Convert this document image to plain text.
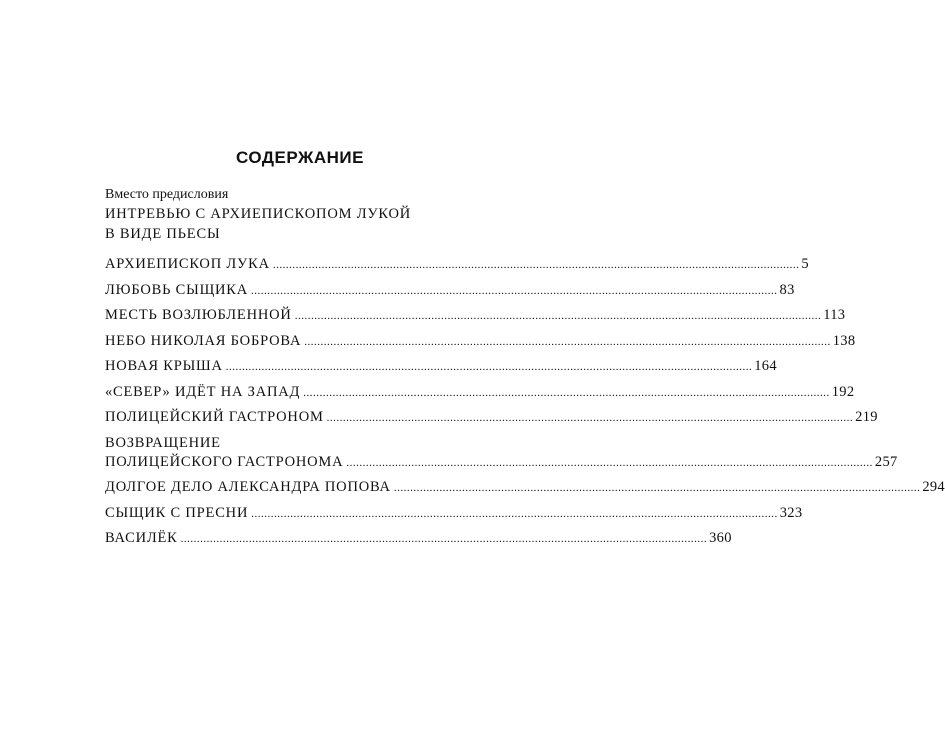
СОДЕРЖАНИЕ

Вместо предисловия

ИНТРЕВЬЮ С АРХИЕПИСКОПОМ ЛУКОЙ
В ВИДЕ ПЬЕСЫ
АРХИЕПИСКОП ЛУКА .................................................................................................................................................................. 5
ЛЮБОВЬ СЫЩИКА .................................................................................................................................................................. 83
МЕСТЬ ВОЗЛЮБЛЕННОЙ .................................................................................................................................................................. 113
НЕБО НИКОЛАЯ БОБРОВА .................................................................................................................................................................. 138
НОВАЯ КРЫША .................................................................................................................................................................. 164
«СЕВЕР» ИДЁТ НА ЗАПАД .................................................................................................................................................................. 192
ПОЛИЦЕЙСКИЙ ГАСТРОНОМ .................................................................................................................................................................. 219
ВОЗВРАЩЕНИЕ
ПОЛИЦЕЙСКОГО ГАСТРОНОМА .................................................................................................................................................................. 257
ДОЛГОЕ ДЕЛО АЛЕКСАНДРА ПОПОВА .................................................................................................................................................................. 294
СЫЩИК С ПРЕСНИ .................................................................................................................................................................. 323
ВАСИЛЁК .................................................................................................................................................................. 360
